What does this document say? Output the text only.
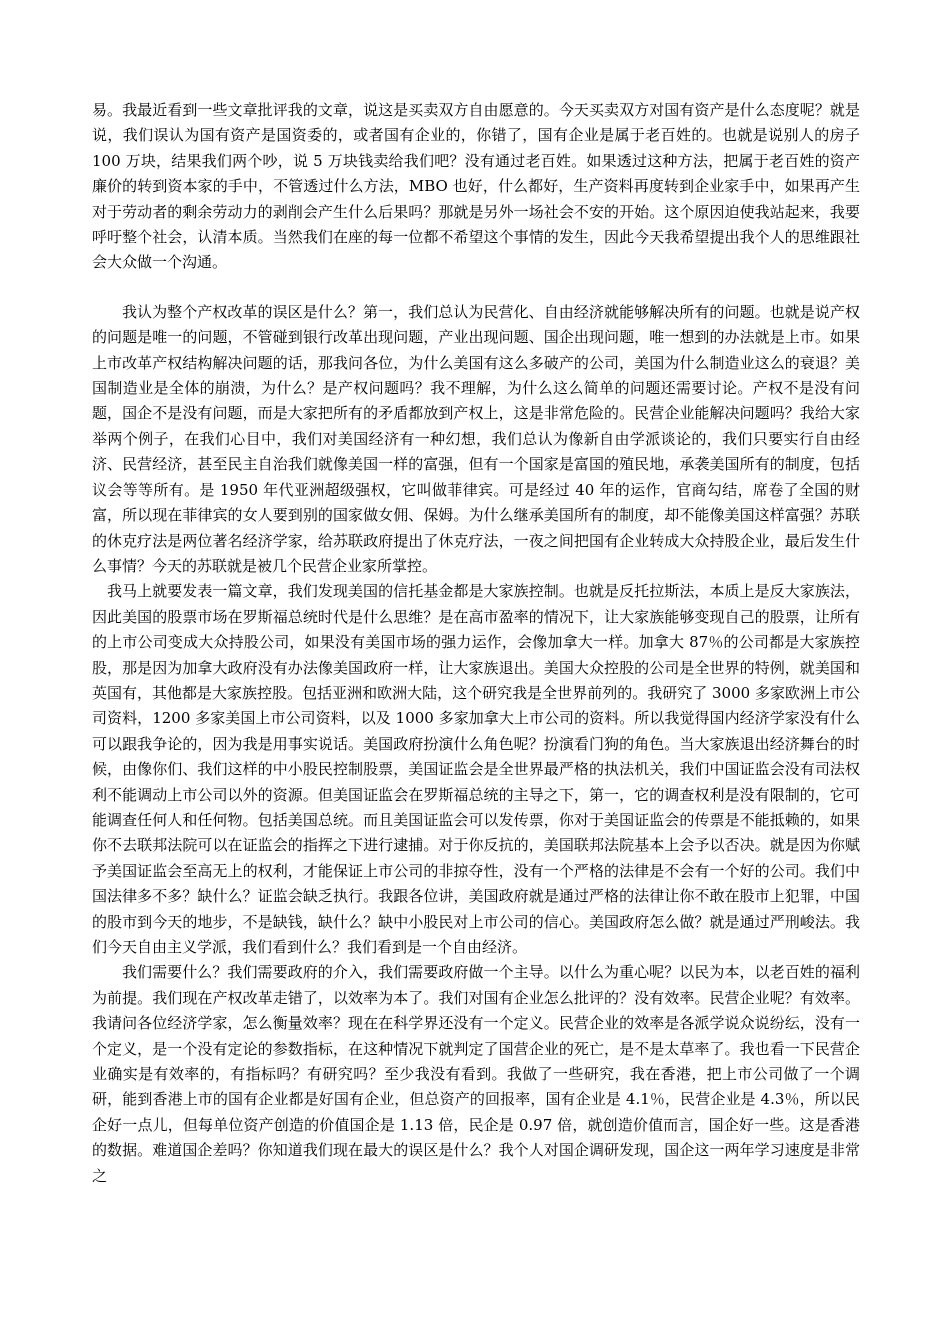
易。我最近看到一些文章批评我的文章，说这是买卖双方自由愿意的。今天买卖双方对国有资产是什么态度呢？就是说，我们误认为国有资产是国资委的，或者国有企业的，你错了，国有企业是属于老百姓的。也就是说别人的房子 100 万块，结果我们两个吵，说 5 万块钱卖给我们吧？没有通过老百姓。如果透过这种方法，把属于老百姓的资产廉价的转到资本家的手中，不管透过什么方法，MBO 也好，什么都好，生产资料再度转到企业家手中，如果再产生对于劳动者的剩余劳动力的剥削会产生什么后果吗？那就是另外一场社会不安的开始。这个原因迫使我站起来，我要呼吁整个社会，认清本质。当然我们在座的每一位都不希望这个事情的发生，因此今天我希望提出我个人的思维跟社会大众做一个沟通。

我认为整个产权改革的误区是什么？第一，我们总认为民营化、自由经济就能够解决所有的问题。也就是说产权的问题是唯一的问题，不管碰到银行改革出现问题，产业出现问题、国企出现问题，唯一想到的办法就是上市。如果上市改革产权结构解决问题的话，那我问各位，为什么美国有这么多破产的公司，美国为什么制造业这么的衰退？美国制造业是全体的崩溃，为什么？是产权问题吗？我不理解，为什么这么简单的问题还需要讨论。产权不是没有问题，国企不是没有问题，而是大家把所有的矛盾都放到产权上，这是非常危险的。民营企业能解决问题吗？我给大家举两个例子，在我们心目中，我们对美国经济有一种幻想，我们总认为像新自由学派谈论的，我们只要实行自由经济、民营经济，甚至民主自治我们就像美国一样的富强，但有一个国家是富国的殖民地，承袭美国所有的制度，包括议会等等所有。是 1950 年代亚洲超级强权，它叫做菲律宾。可是经过 40 年的运作，官商勾结，席卷了全国的财富，所以现在菲律宾的女人要到别的国家做女佣、保姆。为什么继承美国所有的制度，却不能像美国这样富强？苏联的休克疗法是两位著名经济学家，给苏联政府提出了休克疗法，一夜之间把国有企业转成大众持股企业，最后发生什么事情？今天的苏联就是被几个民营企业家所掌控。

我马上就要发表一篇文章，我们发现美国的信托基金都是大家族控制。也就是反托拉斯法，本质上是反大家族法，因此美国的股票市场在罗斯福总统时代是什么思维？是在高市盈率的情况下，让大家族能够变现自己的股票，让所有的上市公司变成大众持股公司，如果没有美国市场的强力运作，会像加拿大一样。加拿大 87％的公司都是大家族控股，那是因为加拿大政府没有办法像美国政府一样，让大家族退出。美国大众控股的公司是全世界的特例，就美国和英国有，其他都是大家族控股。包括亚洲和欧洲大陆，这个研究我是全世界前列的。我研究了 3000 多家欧洲上市公司资料，1200 多家美国上市公司资料，以及 1000 多家加拿大上市公司的资料。所以我觉得国内经济学家没有什么可以跟我争论的，因为我是用事实说话。美国政府扮演什么角色呢？扮演看门狗的角色。当大家族退出经济舞台的时候，由像你们、我们这样的中小股民控制股票，美国证监会是全世界最严格的执法机关，我们中国证监会没有司法权利不能调动上市公司以外的资源。但美国证监会在罗斯福总统的主导之下，第一，它的调查权利是没有限制的，它可能调查任何人和任何物。包括美国总统。而且美国证监会可以发传票，你对于美国证监会的传票是不能抵赖的，如果你不去联邦法院可以在证监会的指挥之下进行逮捕。对于你反抗的，美国联邦法院基本上会予以否决。就是因为你赋予美国证监会至高无上的权利，才能保证上市公司的非掠夺性，没有一个严格的法律是不会有一个好的公司。我们中国法律多不多？缺什么？证监会缺乏执行。我跟各位讲，美国政府就是通过严格的法律让你不敢在股市上犯罪，中国的股市到今天的地步，不是缺钱，缺什么？缺中小股民对上市公司的信心。美国政府怎么做？就是通过严刑峻法。我们今天自由主义学派，我们看到什么？我们看到是一个自由经济。

我们需要什么？我们需要政府的介入，我们需要政府做一个主导。以什么为重心呢？以民为本，以老百姓的福利为前提。我们现在产权改革走错了，以效率为本了。我们对国有企业怎么批评的？没有效率。民营企业呢？有效率。我请问各位经济学家，怎么衡量效率？现在在科学界还没有一个定义。民营企业的效率是各派学说众说纷纭，没有一个定义，是一个没有定论的参数指标，在这种情况下就判定了国营企业的死亡，是不是太草率了。我也看一下民营企业确实是有效率的，有指标吗？有研究吗？至少我没有看到。我做了一些研究，我在香港，把上市公司做了一个调研，能到香港上市的国有企业都是好国有企业，但总资产的回报率，国有企业是 4.1％，民营企业是 4.3％，所以民企好一点儿，但每单位资产创造的价值国企是 1.13 倍，民企是 0.97 倍，就创造价值而言，国企好一些。这是香港的数据。难道国企差吗？你知道我们现在最大的误区是什么？我个人对国企调研发现，国企这一两年学习速度是非常之
